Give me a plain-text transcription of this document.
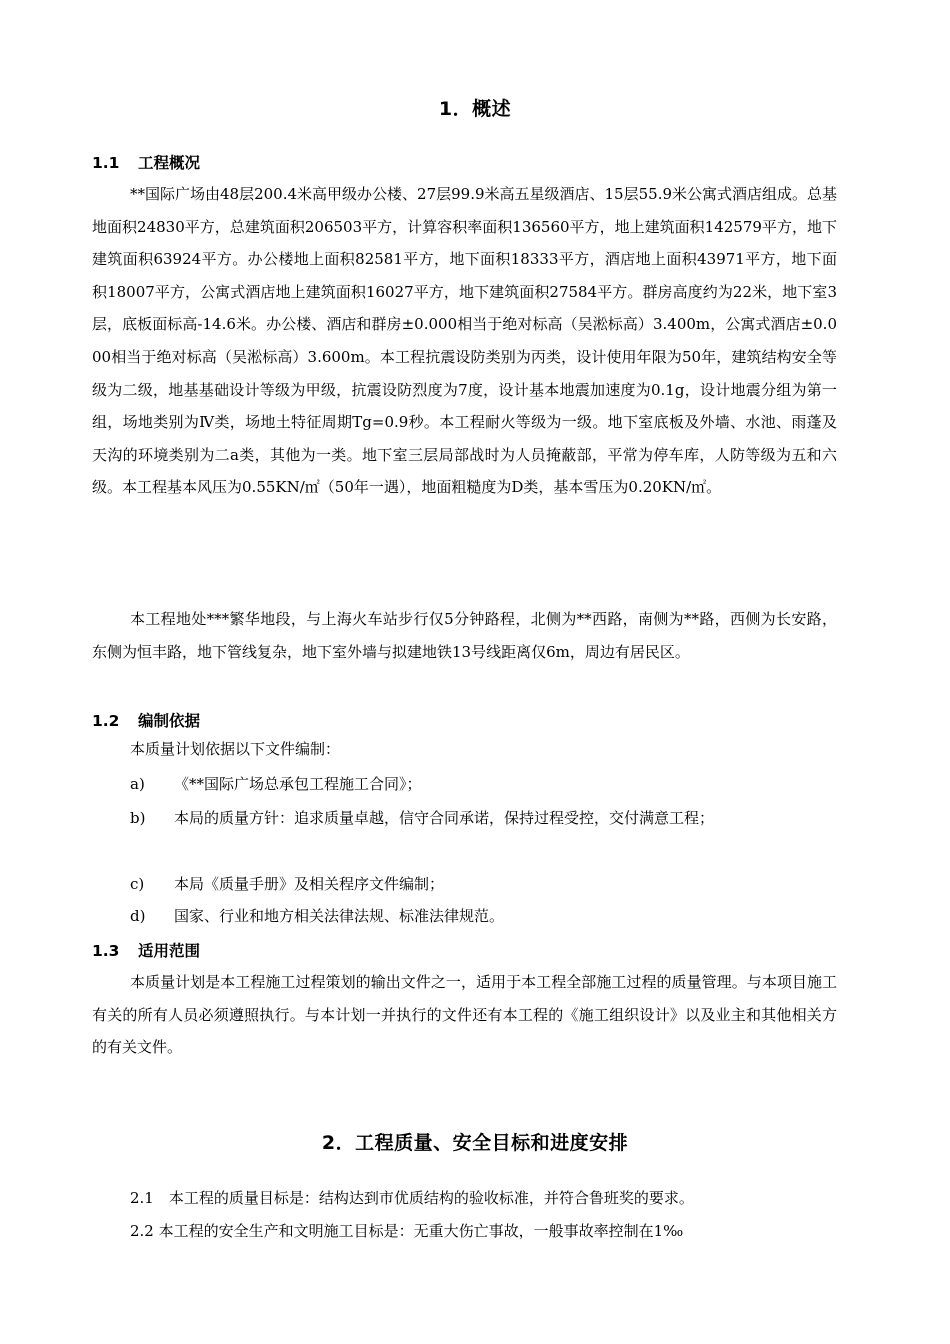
1．概述
1.1 工程概况

**国际广场由48层200.4米高甲级办公楼、27层99.9米高五星级酒店、15层55.9米公寓式酒店组成。总基地面积24830平方，总建筑面积206503平方，计算容积率面积136560平方，地上建筑面积142579平方，地下建筑面积63924平方。办公楼地上面积82581平方，地下面积18333平方，酒店地上面积43971平方，地下面积18007平方，公寓式酒店地上建筑面积16027平方，地下建筑面积27584平方。群房高度约为22米，地下室3层，底板面标高-14.6米。办公楼、酒店和群房±0.000相当于绝对标高（吴淞标高）3.400m，公寓式酒店±0.000相当于绝对标高（吴淞标高）3.600m。本工程抗震设防类别为丙类，设计使用年限为50年，建筑结构安全等级为二级，地基基础设计等级为甲级，抗震设防烈度为7度，设计基本地震加速度为0.1g，设计地震分组为第一组，场地类别为Ⅳ类，场地土特征周期Tg=0.9秒。本工程耐火等级为一级。地下室底板及外墙、水池、雨蓬及天沟的环境类别为二a类，其他为一类。地下室三层局部战时为人员掩蔽部，平常为停车库，人防等级为五和六级。本工程基本风压为0.55KN/㎡（50年一遇），地面粗糙度为D类，基本雪压为0.20KN/㎡。

本工程地处***繁华地段，与上海火车站步行仅5分钟路程，北侧为**西路，南侧为**路，西侧为长安路，东侧为恒丰路，地下管线复杂，地下室外墙与拟建地铁13号线距离仅6m，周边有居民区。

1.2 编制依据
本质量计划依据以下文件编制：
a)	《**国际广场总承包工程施工合同》；
b)	本局的质量方针：追求质量卓越，信守合同承诺，保持过程受控，交付满意工程；
c)	本局《质量手册》及相关程序文件编制；
d)	国家、行业和地方相关法律法规、标准法律规范。
1.3 适用范围

本质量计划是本工程施工过程策划的输出文件之一，适用于本工程全部施工过程的质量管理。与本项目施工有关的所有人员必须遵照执行。与本计划一并执行的文件还有本工程的《施工组织设计》以及业主和其他相关方的有关文件。

2．工程质量、安全目标和进度安排
2.1　本工程的质量目标是：结构达到市优质结构的验收标准，并符合鲁班奖的要求。
2.2 本工程的安全生产和文明施工目标是：无重大伤亡事故，一般事故率控制在1‰
